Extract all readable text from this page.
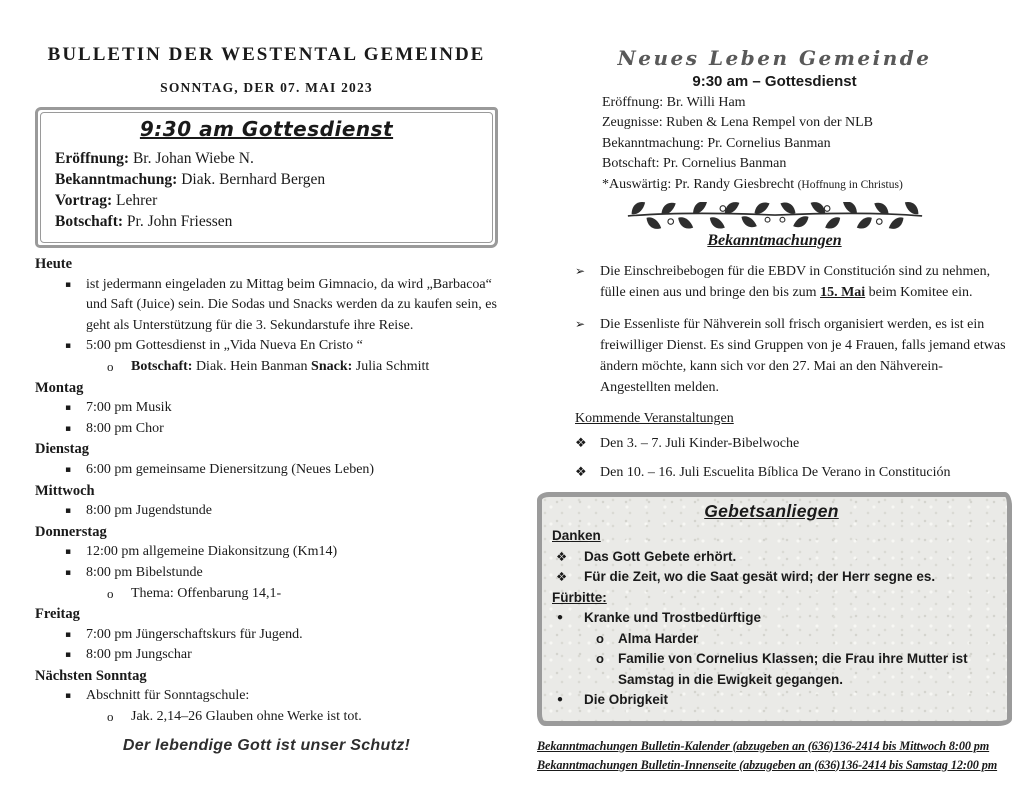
BULLETIN DER WESTENTAL GEMEINDE
SONNTAG, DER 07. MAI 2023
9:30 am Gottesdienst
Eröffnung: Br. Johan Wiebe N.
Bekanntmachung: Diak. Bernhard Bergen
Vortrag: Lehrer
Botschaft: Pr. John Friessen
Heute
▪	ist jedermann eingeladen zu Mittag beim Gimnacio, da wird „Barbacoa“ und Saft (Juice) sein. Die Sodas und Snacks werden da zu kaufen sein, es geht als Unterstützung für die 3. Sekundarstufe ihre Reise.
▪	5:00 pm Gottesdienst in „Vida Nueva En Cristo “
o	Botschaft: Diak. Hein Banman Snack: Julia Schmitt
Montag
▪	7:00 pm Musik
▪	8:00 pm Chor
Dienstag
▪	6:00 pm gemeinsame Dienersitzung (Neues Leben)
Mittwoch
▪	8:00 pm Jugendstunde
Donnerstag
▪	12:00 pm allgemeine Diakonsitzung (Km14)
▪	8:00 pm Bibelstunde
o	Thema: Offenbarung 14,1-
Freitag
▪	7:00 pm Jüngerschaftskurs für Jugend.
▪	8:00 pm Jungschar
Nächsten Sonntag
▪	Abschnitt für Sonntagschule:
o	Jak. 2,14–26 Glauben ohne Werke ist tot.
Der lebendige Gott ist unser Schutz!
Neues Leben Gemeinde
9:30 am – Gottesdienst
Eröffnung: Br. Willi Ham
Zeugnisse: Ruben & Lena Rempel von der NLB
Bekanntmachung: Pr. Cornelius Banman
Botschaft: Pr. Cornelius Banman
*Auswärtig: Pr. Randy Giesbrecht (Hoffnung in Christus)
Bekanntmachungen
➢	Die Einschreibebogen für die EBDV in Constitución sind zu nehmen, fülle einen aus und bringe den bis zum 15. Mai beim Komitee ein.
➢	Die Essenliste für Nähverein soll frisch organisiert werden, es ist ein freiwilliger Dienst. Es sind Gruppen von je 4 Frauen, falls jemand etwas ändern möchte, kann sich vor den 27. Mai an den Nähverein-Angestellten melden.
Kommende Veranstaltungen
❖ Den 3. – 7. Juli Kinder-Bibelwoche
❖ Den 10. – 16. Juli Escuelita Bíblica De Verano in Constitución
Gebetsanliegen
Danken
❖	Das Gott Gebete erhört.
❖	Für die Zeit, wo die Saat gesät wird; der Herr segne es.
Fürbitte:
•	Kranke und Trostbedürftige
o	Alma Harder
o	Familie von Cornelius Klassen; die Frau ihre Mutter ist Samstag in die Ewigkeit gegangen.
•	Die Obrigkeit
Bekanntmachungen Bulletin-Kalender (abzugeben an (636)136-2414 bis Mittwoch 8:00 pm
Bekanntmachungen Bulletin-Innenseite (abzugeben an (636)136-2414 bis Samstag 12:00 pm
